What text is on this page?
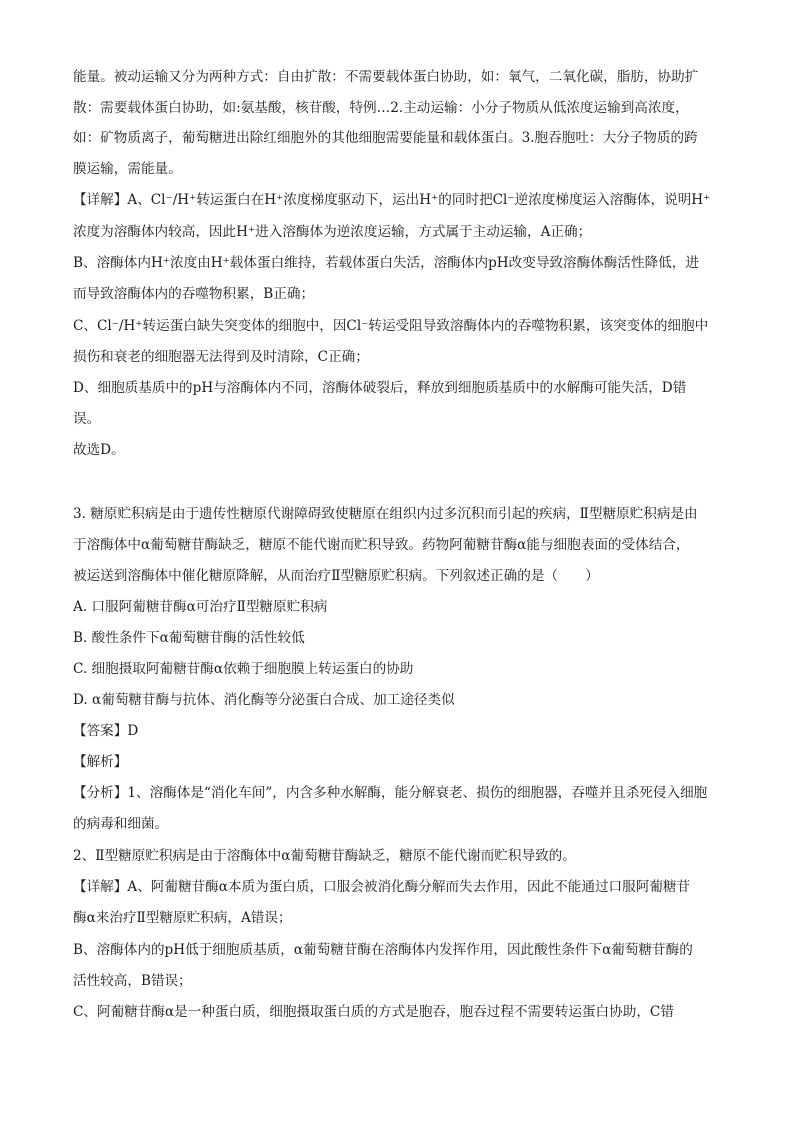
能量。被动运输又分为两种方式：自由扩散：不需要载体蛋白协助，如：氧气，二氧化碳，脂肪，协助扩
散：需要载体蛋白协助，如:氨基酸，核苷酸，特例…2.主动运输：小分子物质从低浓度运输到高浓度，
如：矿物质离子，葡萄糖进出除红细胞外的其他细胞需要能量和载体蛋白。3.胞吞胞吐：大分子物质的跨
膜运输，需能量。
【详解】A、Cl⁻/H⁺转运蛋白在H⁺浓度梯度驱动下，运出H⁺的同时把Cl⁻逆浓度梯度运入溶酶体，说明H⁺
浓度为溶酶体内较高，因此H⁺进入溶酶体为逆浓度运输，方式属于主动运输，A正确；
B、溶酶体内H⁺浓度由H⁺载体蛋白维持，若载体蛋白失活，溶酶体内pH改变导致溶酶体酶活性降低，进
而导致溶酶体内的吞噬物积累，B正确；
C、Cl⁻/H⁺转运蛋白缺失突变体的细胞中，因Cl⁻转运受阻导致溶酶体内的吞噬物积累，该突变体的细胞中
损伤和衰老的细胞器无法得到及时清除，C正确；
D、细胞质基质中的pH与溶酶体内不同，溶酶体破裂后，释放到细胞质基质中的水解酶可能失活，D错
误。
故选D。
3. 糖原贮积病是由于遗传性糖原代谢障碍致使糖原在组织内过多沉积而引起的疾病，Ⅱ型糖原贮积病是由
于溶酶体中α葡萄糖苷酶缺乏，糖原不能代谢而贮积导致。药物阿葡糖苷酶α能与细胞表面的受体结合，
被运送到溶酶体中催化糖原降解，从而治疗Ⅱ型糖原贮积病。下列叙述正确的是（　　）
A. 口服阿葡糖苷酶α可治疗Ⅱ型糖原贮积病
B. 酸性条件下α葡萄糖苷酶的活性较低
C. 细胞摄取阿葡糖苷酶α依赖于细胞膜上转运蛋白的协助
D. α葡萄糖苷酶与抗体、消化酶等分泌蛋白合成、加工途径类似
【答案】D
【解析】
【分析】1、溶酶体是“消化车间”，内含多种水解酶，能分解衰老、损伤的细胞器，吞噬并且杀死侵入细胞
的病毒和细菌。
2、Ⅱ型糖原贮积病是由于溶酶体中α葡萄糖苷酶缺乏，糖原不能代谢而贮积导致的。
【详解】A、阿葡糖苷酶α本质为蛋白质，口服会被消化酶分解而失去作用，因此不能通过口服阿葡糖苷
酶α来治疗Ⅱ型糖原贮积病，A错误；
B、溶酶体内的pH低于细胞质基质，α葡萄糖苷酶在溶酶体内发挥作用，因此酸性条件下α葡萄糖苷酶的
活性较高，B错误；
C、阿葡糖苷酶α是一种蛋白质，细胞摄取蛋白质的方式是胞吞，胞吞过程不需要转运蛋白协助，C错
